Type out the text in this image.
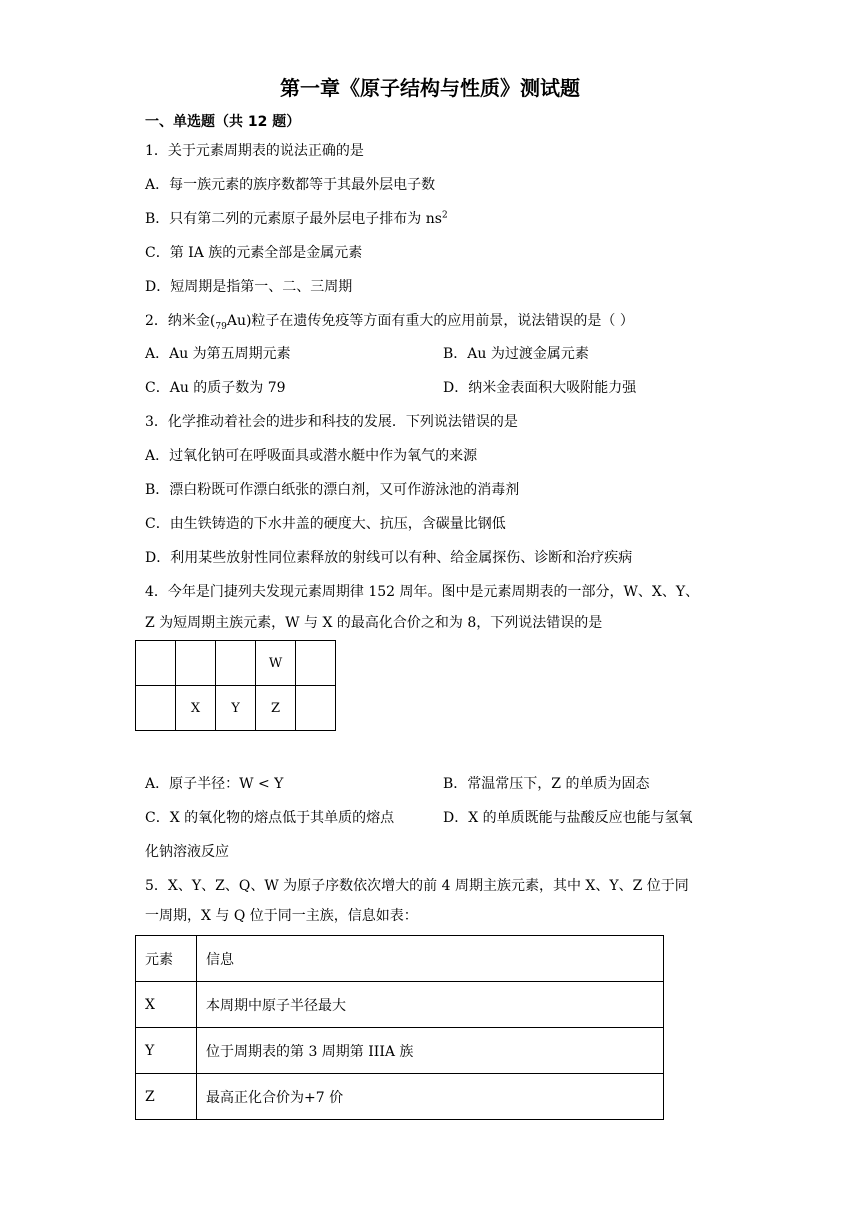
第一章《原子结构与性质》测试题
一、单选题（共 12 题）
1．关于元素周期表的说法正确的是
A．每一族元素的族序数都等于其最外层电子数
B．只有第二列的元素原子最外层电子排布为 $ns^2$
C．第 IA 族的元素全部是金属元素
D．短周期是指第一、二、三周期
2．纳米金$(_{79}Au)$粒子在遗传免疫等方面有重大的应用前景，说法错误的是（ ）
A．Au 为第五周期元素	B．Au 为过渡金属元素
C．Au 的质子数为 79	D．纳米金表面积大吸附能力强
3．化学推动着社会的进步和科技的发展．下列说法错误的是
A．过氧化钠可在呼吸面具或潜水艇中作为氧气的来源
B．漂白粉既可作漂白纸张的漂白剂，又可作游泳池的消毒剂
C．由生铁铸造的下水井盖的硬度大、抗压，含碳量比钢低
D．利用某些放射性同位素释放的射线可以有种、给金属探伤、诊断和治疗疾病
4．今年是门捷列夫发现元素周期律 152 周年。图中是元素周期表的一部分，W、X、Y、
Z 为短周期主族元素，W 与 X 的最高化合价之和为 8，下列说法错误的是
			W	
	X	Y	Z	
A．原子半径：W < Y	B．常温常压下，Z 的单质为固态
C．X 的氧化物的熔点低于其单质的熔点	D．X 的单质既能与盐酸反应也能与氢氧
化钠溶液反应
5．X、Y、Z、Q、W 为原子序数依次增大的前 4 周期主族元素，其中 X、Y、Z 位于同
一周期，X 与 Q 位于同一主族，信息如表：
元素	信息
X	本周期中原子半径最大
Y	位于周期表的第 3 周期第 IIIA 族
Z	最高正化合价为+7 价
